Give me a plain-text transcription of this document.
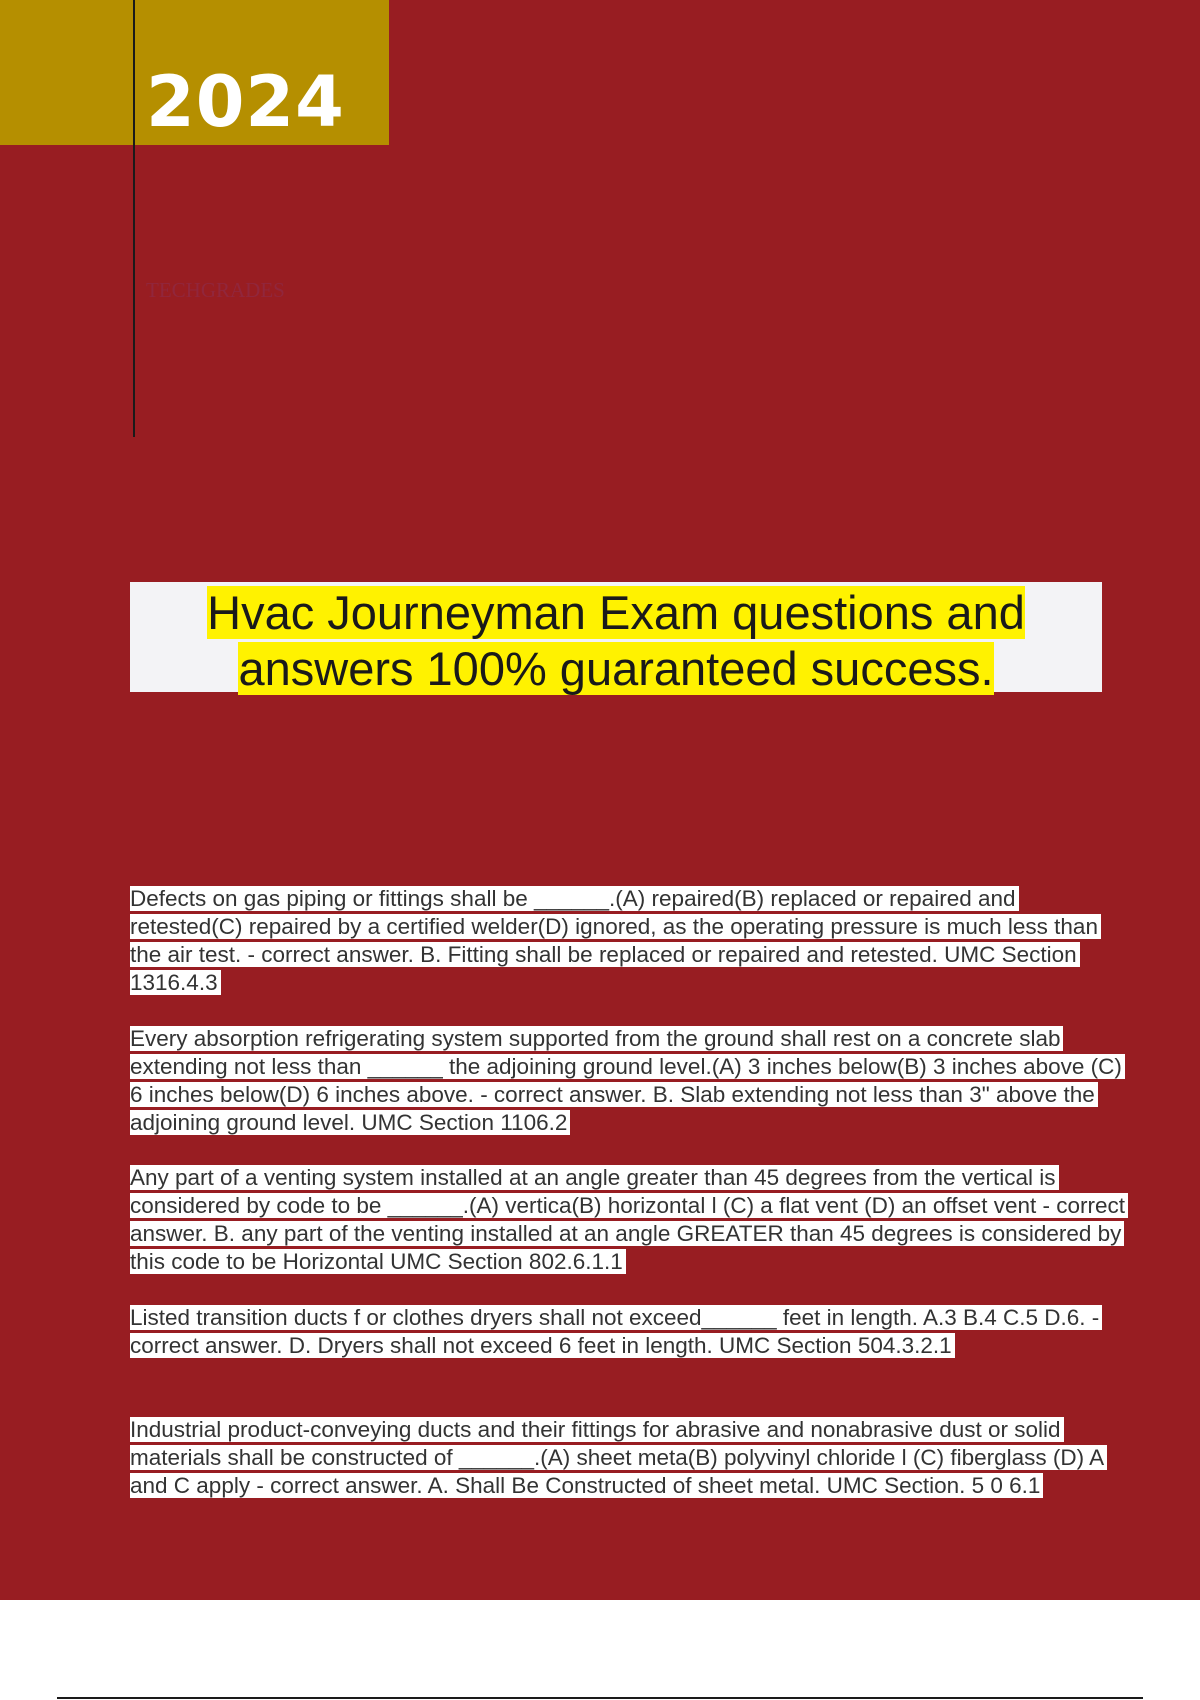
2024
TECHGRADES
Hvac Journeyman Exam questions and
answers 100% guaranteed success.
Defects on gas piping or fittings shall be ______.(A) repaired(B) replaced or repaired and retested(C) repaired by a certified welder(D) ignored, as the operating pressure is much less than the air test. - correct answer. B. Fitting shall be replaced or repaired and retested. UMC Section 1316.4.3
Every absorption refrigerating system supported from the ground shall rest on a concrete slab extending not less than ______ the adjoining ground level.(A) 3 inches below(B) 3 inches above (C) 6 inches below(D) 6 inches above. - correct answer. B. Slab extending not less than 3" above the adjoining ground level. UMC Section 1106.2
Any part of a venting system installed at an angle greater than 45 degrees from the vertical is considered by code to be ______.(A) vertica(B) horizontal l (C) a flat vent (D) an offset vent - correct answer. B. any part of the venting installed at an angle GREATER than 45 degrees is considered by this code to be Horizontal UMC Section 802.6.1.1
Listed transition ducts f or clothes dryers shall not exceed______ feet in length. A.3 B.4 C.5 D.6. - correct answer. D. Dryers shall not exceed 6 feet in length. UMC Section 504.3.2.1
Industrial product-conveying ducts and their fittings for abrasive and nonabrasive dust or solid materials shall be constructed of ______.(A) sheet meta(B) polyvinyl chloride l (C) fiberglass (D) A and C apply - correct answer. A. Shall Be Constructed of sheet metal. UMC Section. 5 0 6.1
